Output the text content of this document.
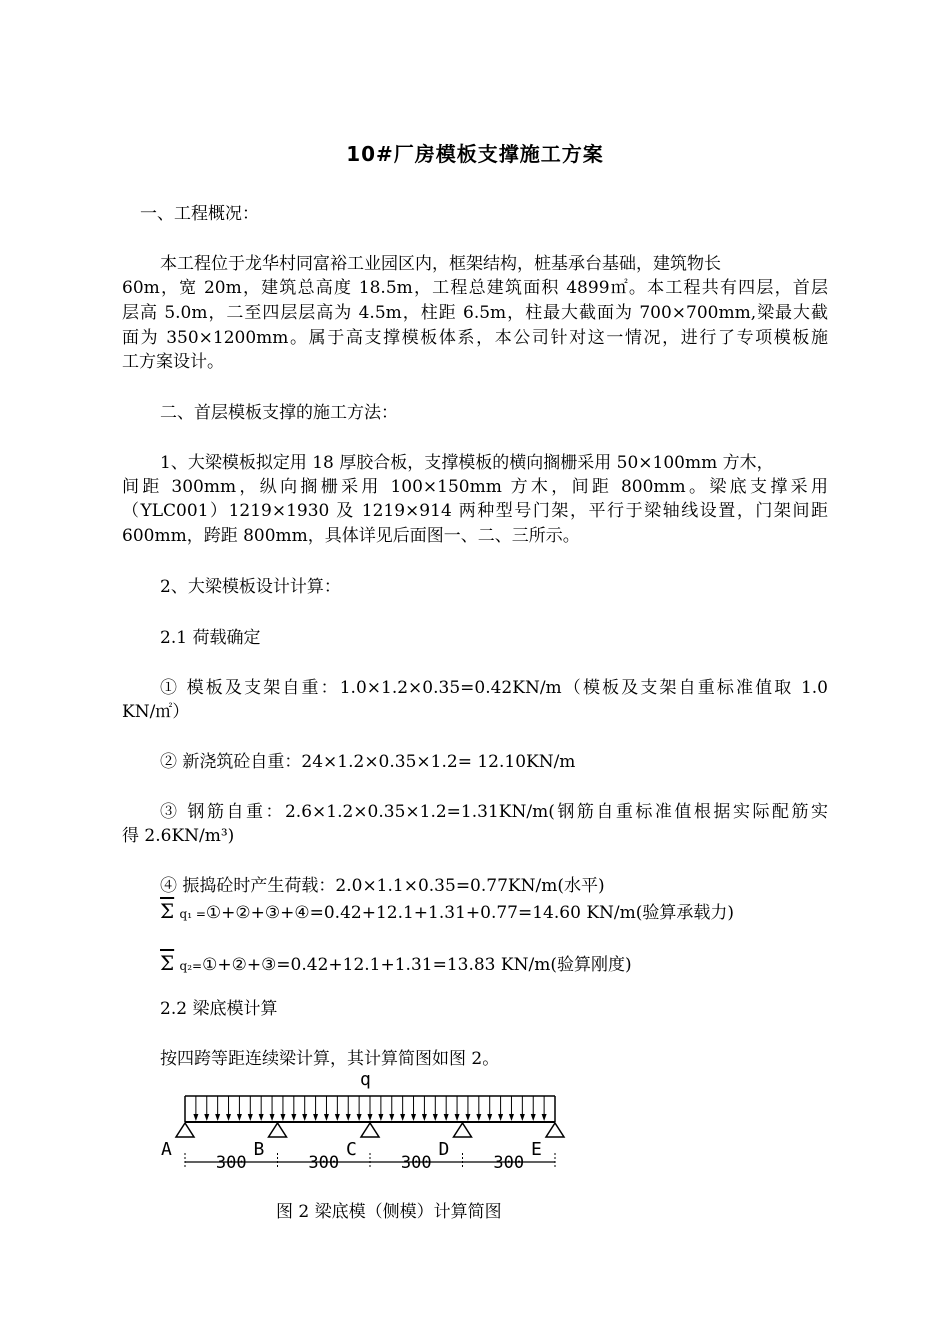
10#厂房模板支撑施工方案
一、工程概况：
本工程位于龙华村同富裕工业园区内，框架结构，桩基承台基础，建筑物长
60m，宽 20m，建筑总高度 18.5m，工程总建筑面积 4899㎡。本工程共有四层，首层
层高 5.0m，二至四层层高为 4.5m，柱距 6.5m，柱最大截面为 700×700mm,梁最大截
面为 350×1200mm。属于高支撑模板体系，本公司针对这一情况，进行了专项模板施
工方案设计。
二、首层模板支撑的施工方法：
1、大梁模板拟定用 18 厚胶合板，支撑模板的横向搁栅采用 50×100mm 方木，
间距 300mm，纵向搁栅采用 100×150mm 方木，间距 800mm。梁底支撑采用
（YLC001）1219×1930 及 1219×914 两种型号门架，平行于梁轴线设置，门架间距
600mm，跨距 800mm，具体详见后面图一、二、三所示。
2、大梁模板设计计算：
2.1 荷载确定
① 模板及支架自重：1.0×1.2×0.35=0.42KN/m（模板及支架自重标准值取 1.0
KN/㎡）
② 新浇筑砼自重：24×1.2×0.35×1.2= 12.10KN/m
③ 钢筋自重：2.6×1.2×0.35×1.2=1.31KN/m(钢筋自重标准值根据实际配筋实
得 2.6KN/m³)
④ 振捣砼时产生荷载：2.0×1.1×0.35=0.77KN/m(水平)
$\overline{\Sigma}$ q₁ =①+②+③+④=0.42+12.1+1.31+0.77=14.60 KN/m(验算承载力)
$\overline{\Sigma}$ q₂=①+②+③=0.42+12.1+1.31=13.83 KN/m(验算刚度)
2.2 梁底模计算
按四跨等距连续梁计算，其计算简图如图 2。
q
A	B	C	D	E
300	300	300	300
图 2 梁底模（侧模）计算简图
